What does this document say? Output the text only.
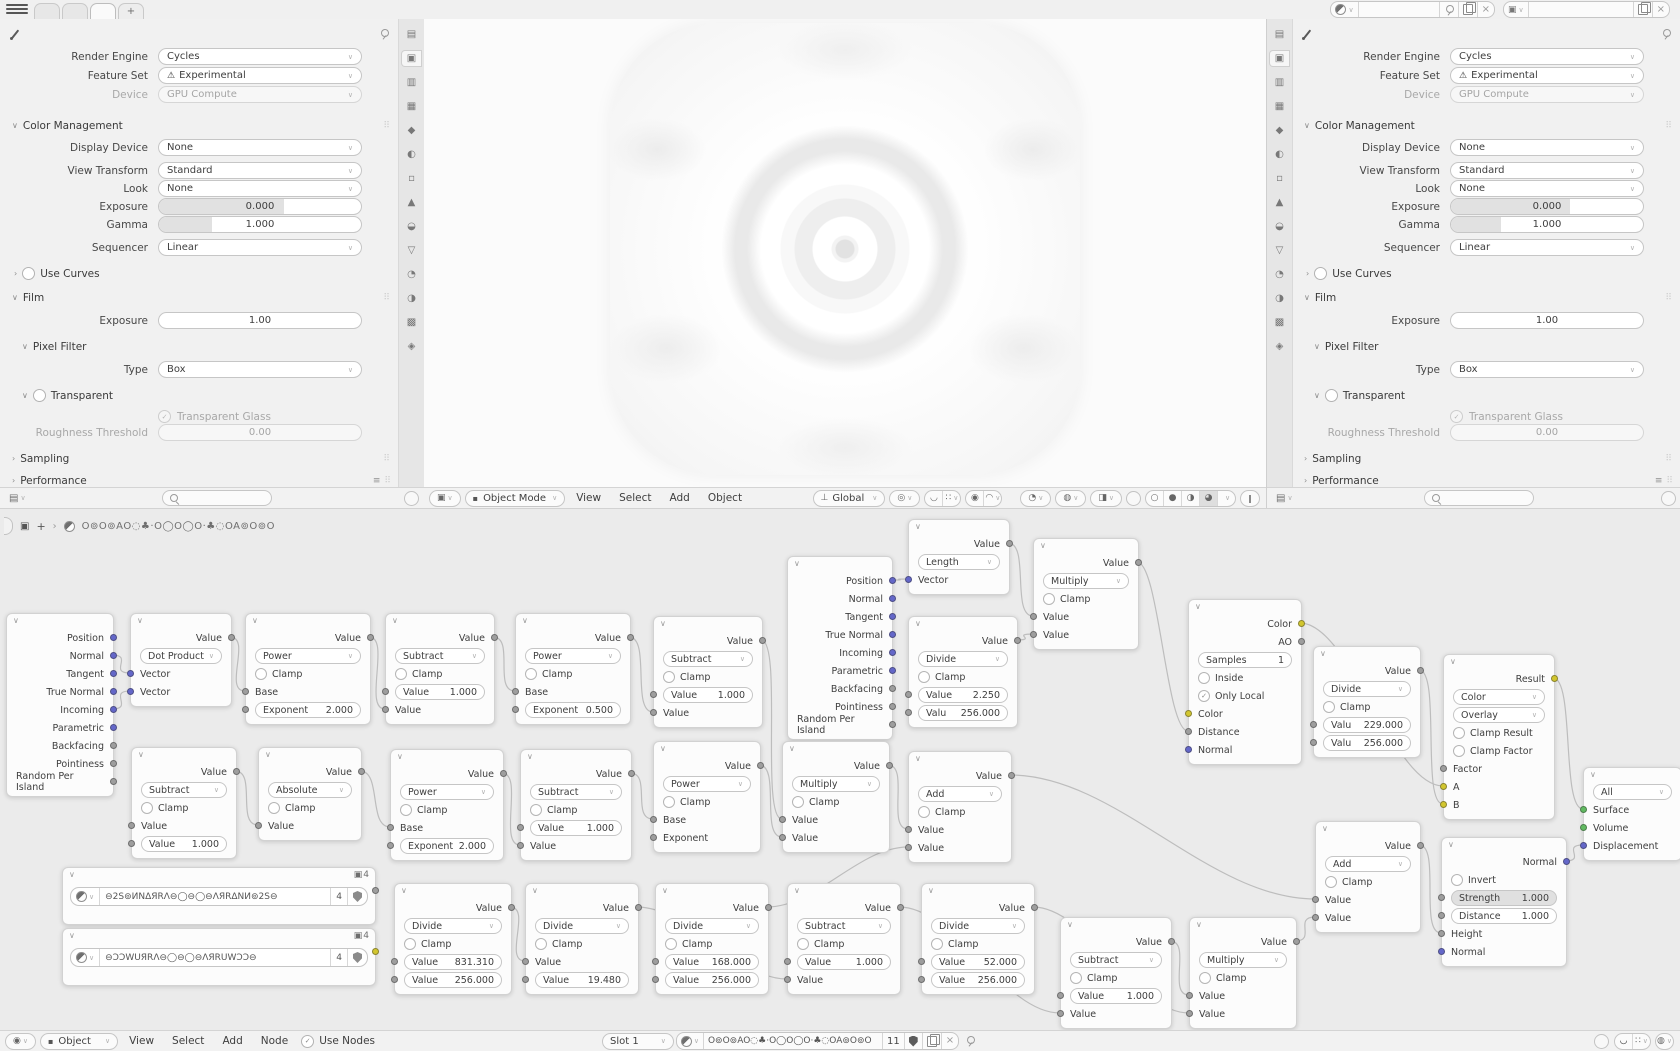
+	∨	×	▣ ∨	×
Render Engine	Cycles	∨
Feature Set	⚠ Experimental	∨
Device	GPU Compute	∨
∨ Color Management	⠿
Display Device	None	∨
View Transform	Standard	∨
Look	None	∨
Exposure	0.000
Gamma	1.000
Sequencer	Linear	∨
› Use Curves
∨ Film	⠿
Exposure	1.00
∨ Pixel Filter
Type	Box	∨
∨ Transparent
✓ Transparent Glass
Roughness Threshold	0.00
› Sampling	⠿
› Performance	≡ ⠿
▤
▣
▥
▦
◆
◐
▫
▲
◒
▽
◔
◑
▩
◈
▤ ∨	▣ ∨	▪ Object Mode ∨ View Select Add Object	⊥ Global ∨ ◎ ∨	◡ ∷ ∨	◉ ◠ ∨	◔ ∨ ◍ ∨ ◨ ∨	○	●	◑	◕	∨	‖
Render Engine	Cycles	∨
Feature Set	⚠ Experimental	∨
Device	GPU Compute	∨
∨ Color Management	⠿
Display Device	None	∨
View Transform	Standard	∨
Look	None	∨
Exposure	0.000
Gamma	1.000
Sequencer	Linear	∨
› Use Curves
∨ Film	⠿
Exposure	1.00
∨ Pixel Filter
Type	Box	∨
∨ Transparent
✓ Transparent Glass
Roughness Threshold	0.00
› Sampling	⠿
› Performance	≡ ⠿
▤
▣
▥
▦
◆
◐
▫
▲
◒
▽
◔
◑
▩
◈
▤ ∨
∨
Position
Normal
Tangent
True Normal
Incoming
Parametric
Backfacing
Pointiness
Random Per Island
∨
Value
Dot Product ∨
Vector
Vector
∨
Value
Power	∨
Clamp
Base
Exponent 2.000
∨
Value
Subtract	∨
Clamp
Value
Value 1.000
∨
Value
Absolute	∨
Clamp
Value
∨
Value
Subtract	∨
Clamp
Value 1.000
Value
∨
Value
Power	∨
Clamp
Base
Exponent 0.500
∨
Value
Power	∨
Clamp
Base
Exponent 2.000
∨
Value
Subtract	∨
Clamp
Value 1.000
Value
∨
Value
Subtract	∨
Clamp
Value 1.000
Value
∨
Position
Normal
Tangent
True Normal
Incoming
Parametric
Backfacing
Pointiness
Random Per Island
∨
Value
Power	∨
Clamp
Base
Exponent
∨
Value
Multiply	∨
Clamp
Value
Value
∨
Value
Length	∨
Vector
∨
Value
Divide	∨
Clamp
Value 2.250
Valu 256.000
∨
Value
Multiply	∨
Clamp
Value
Value
∨
Value
Add	∨
Clamp
Value
Value
∨
Color
AO
Samples	1
Inside
✓ Only Local
Color
Distance
Normal
∨
Value
Divide	∨
Clamp
Valu 229.000
Valu 256.000
∨
Result
Color	∨
Overlay	∨
Clamp Result
Clamp Factor
Factor
A
B
∨
All	∨
Surface
Volume
Displacement
∨
Normal
Invert
Strength 1.000
Distance 1.000
Height
Normal
∨	▣ 4
∨	⊖2S⊚ИNΔЯRΛ⊖◯⊖◯⊖ΛЯRΔNИ⊚2S⊖	4
∨	▣ 4
∨	⊖ƆƆWUЯRΛ⊖◯⊖◯⊖ΛЯRUWƆƆ⊖	4
∨
Value
Divide	∨
Clamp
Value 831.310
Value 256.000
∨
Value
Divide	∨
Clamp
Value
Value 19.480
∨
Value
Divide	∨
Clamp
Value 168.000
Value 256.000
∨
Value
Subtract	∨
Clamp
Value	1.000
Value
∨
Value
Divide	∨
Clamp
Value 52.000
Value 256.000
∨
Value
Subtract	∨
Clamp
Value 1.000
Value
∨
Value
Multiply	∨
Clamp
Value
Value
∨
Value
Add	∨
Clamp
Value
Value
▣ + ›	O⊚O⊚AO◌♣·O◯O◯O·♣◌OA⊚O⊚O
◉ ∨	▪ Object ∨ View Select Add Node	✓ Use Nodes	Slot 1	∨	∨	O⊚O⊚AO◌♣·O◯O◯O·♣◌OA⊚O⊚O	11	×	◡ ∷ ∨ ◍ ∨
